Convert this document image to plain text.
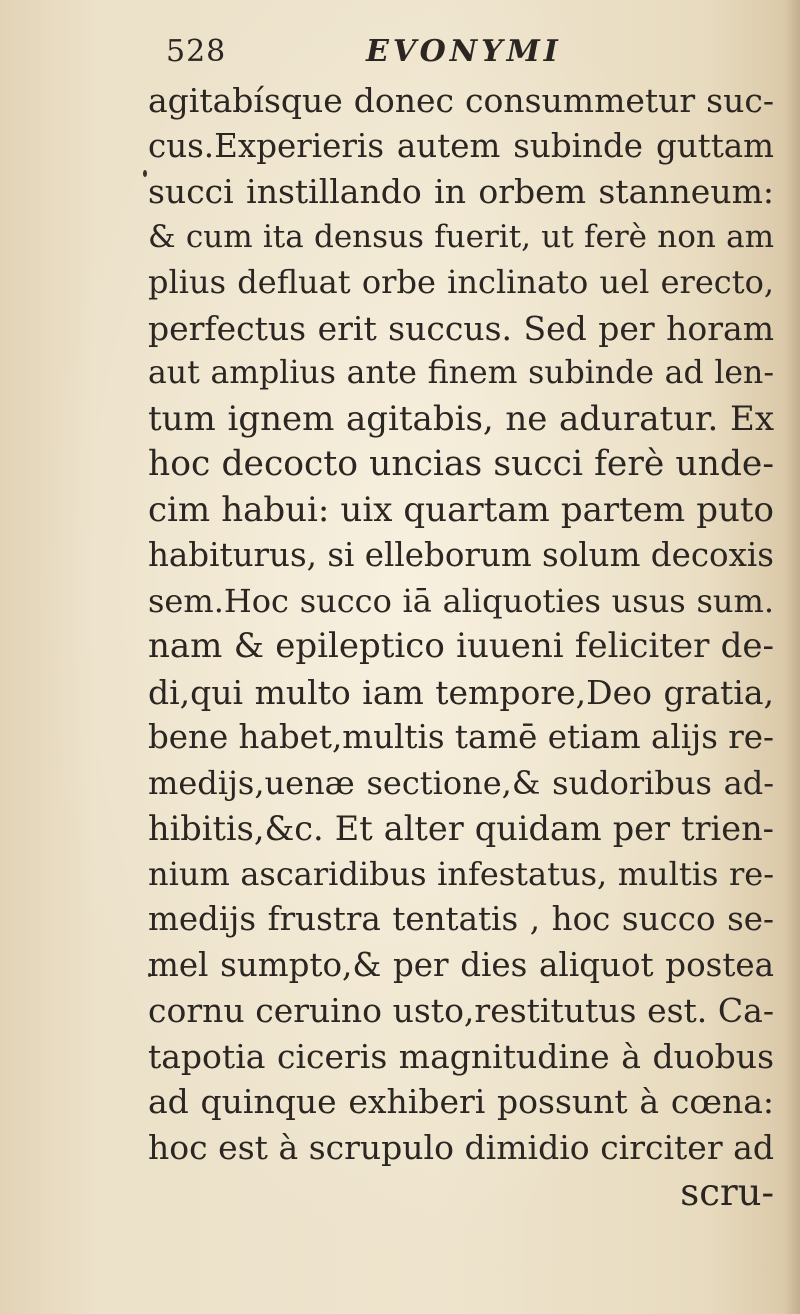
528	EVONYMI
agitabísque donec consummetur suc-
cus.Experieris autem subinde guttam
succi instillando in orbem stanneum:
& cum ita densus fuerit, ut ferè non am
plius defluat orbe inclinato uel erecto,
perfectus erit succus. Sed per horam
aut amplius ante finem subinde ad len-
tum ignem agitabis, ne aduratur. Ex
hoc decocto uncias succi ferè unde-
cim habui: uix quartam partem puto
habiturus, si elleborum solum decoxis
sem.Hoc succo iā aliquoties usus sum.
nam & epileptico iuueni feliciter de-
di,qui multo iam tempore,Deo gratia,
bene habet,multis tamē etiam alijs re-
medijs,uenæ sectione,& sudoribus ad-
hibitis,&c. Et alter quidam per trien-
nium ascaridibus infestatus, multis re-
medijs frustra tentatis , hoc succo se-
mel sumpto,& per dies aliquot postea
cornu ceruino usto,restitutus est. Ca-
tapotia ciceris magnitudine à duobus
ad quinque exhiberi possunt à cœna:
hoc est à scrupulo dimidio circiter ad
scru-
